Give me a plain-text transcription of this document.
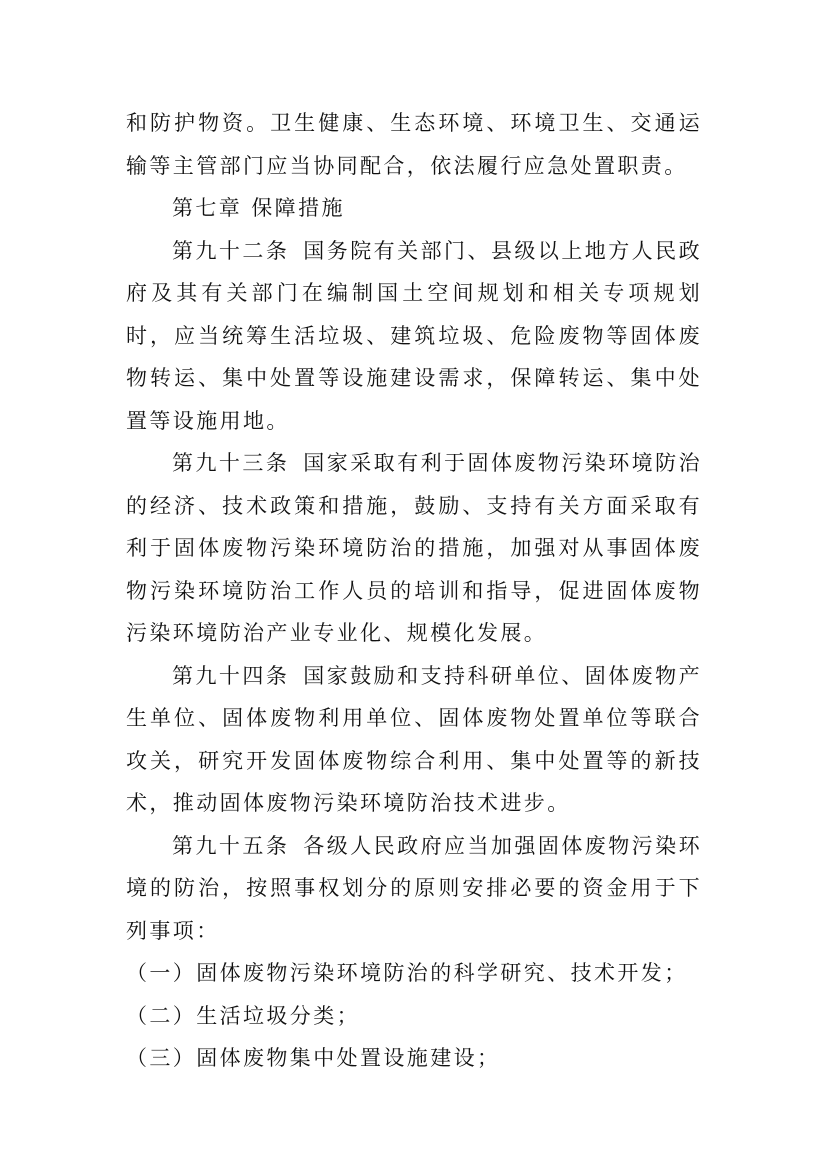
和防护物资。卫生健康、生态环境、环境卫生、交通运输等主管部门应当协同配合，依法履行应急处置职责。

第七章 保障措施

第九十二条 国务院有关部门、县级以上地方人民政府及其有关部门在编制国土空间规划和相关专项规划时，应当统筹生活垃圾、建筑垃圾、危险废物等固体废物转运、集中处置等设施建设需求，保障转运、集中处置等设施用地。

第九十三条 国家采取有利于固体废物污染环境防治的经济、技术政策和措施，鼓励、支持有关方面采取有利于固体废物污染环境防治的措施，加强对从事固体废物污染环境防治工作人员的培训和指导，促进固体废物污染环境防治产业专业化、规模化发展。

第九十四条 国家鼓励和支持科研单位、固体废物产生单位、固体废物利用单位、固体废物处置单位等联合攻关，研究开发固体废物综合利用、集中处置等的新技术，推动固体废物污染环境防治技术进步。

第九十五条 各级人民政府应当加强固体废物污染环境的防治，按照事权划分的原则安排必要的资金用于下列事项：

（一）固体废物污染环境防治的科学研究、技术开发；

（二）生活垃圾分类；

（三）固体废物集中处置设施建设；
